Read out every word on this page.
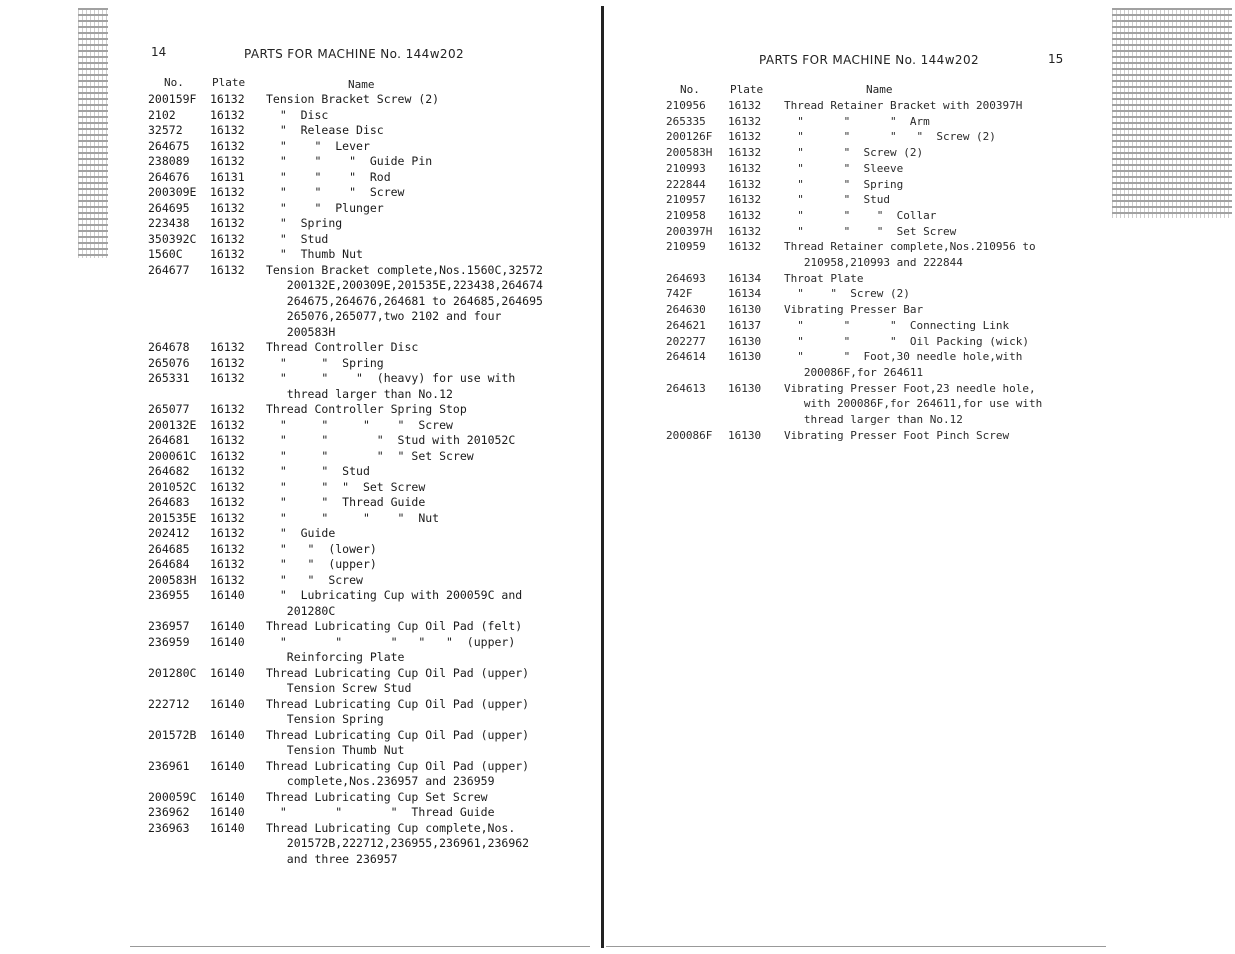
14	PARTS FOR MACHINE No. 144w202
No.	Plate	Name
200159F	16132	Tension Bracket Screw (2)
2102	16132	"  Disc
32572	16132	"  Release Disc
264675	16132	"    "  Lever
238089	16132	"    "    "  Guide Pin
264676	16131	"    "    "  Rod
200309E	16132	"    "    "  Screw
264695	16132	"    "  Plunger
223438	16132	"  Spring
350392C	16132	"  Stud
1560C	16132	"  Thumb Nut
264677	16132	Tension Bracket complete,Nos.1560C,32572
200132E,200309E,201535E,223438,264674
264675,264676,264681 to 264685,264695
265076,265077,two 2102 and four
200583H
264678	16132	Thread Controller Disc
265076	16132	"     "  Spring
265331	16132	"     "    "  (heavy) for use with
thread larger than No.12
265077	16132	Thread Controller Spring Stop
200132E	16132	"     "     "    "  Screw
264681	16132	"     "       "  Stud with 201052C
200061C	16132	"     "       "  " Set Screw
264682	16132	"     "  Stud
201052C	16132	"     "  "  Set Screw
264683	16132	"     "  Thread Guide
201535E	16132	"     "     "    "  Nut
202412	16132	"  Guide
264685	16132	"   "  (lower)
264684	16132	"   "  (upper)
200583H	16132	"   "  Screw
236955	16140	"  Lubricating Cup with 200059C and
201280C
236957	16140	Thread Lubricating Cup Oil Pad (felt)
236959	16140	"       "       "   "   "  (upper)
Reinforcing Plate
201280C	16140	Thread Lubricating Cup Oil Pad (upper)
Tension Screw Stud
222712	16140	Thread Lubricating Cup Oil Pad (upper)
Tension Spring
201572B	16140	Thread Lubricating Cup Oil Pad (upper)
Tension Thumb Nut
236961	16140	Thread Lubricating Cup Oil Pad (upper)
complete,Nos.236957 and 236959
200059C	16140	Thread Lubricating Cup Set Screw
236962	16140	"       "       "  Thread Guide
236963	16140	Thread Lubricating Cup complete,Nos.
201572B,222712,236955,236961,236962
and three 236957
PARTS FOR MACHINE No. 144w202	15
No.	Plate	Name
210956	16132	Thread Retainer Bracket with 200397H
265335	16132	"      "      "  Arm
200126F	16132	"      "      "   "  Screw (2)
200583H	16132	"      "  Screw (2)
210993	16132	"      "  Sleeve
222844	16132	"      "  Spring
210957	16132	"      "  Stud
210958	16132	"      "    "  Collar
200397H	16132	"      "    "  Set Screw
210959	16132	Thread Retainer complete,Nos.210956 to
210958,210993 and 222844
264693	16134	Throat Plate
742F	16134	"    "  Screw (2)
264630	16130	Vibrating Presser Bar
264621	16137	"      "      "  Connecting Link
202277	16130	"      "      "  Oil Packing (wick)
264614	16130	"      "  Foot,30 needle hole,with
200086F,for 264611
264613	16130	Vibrating Presser Foot,23 needle hole,
with 200086F,for 264611,for use with
thread larger than No.12
200086F	16130	Vibrating Presser Foot Pinch Screw
